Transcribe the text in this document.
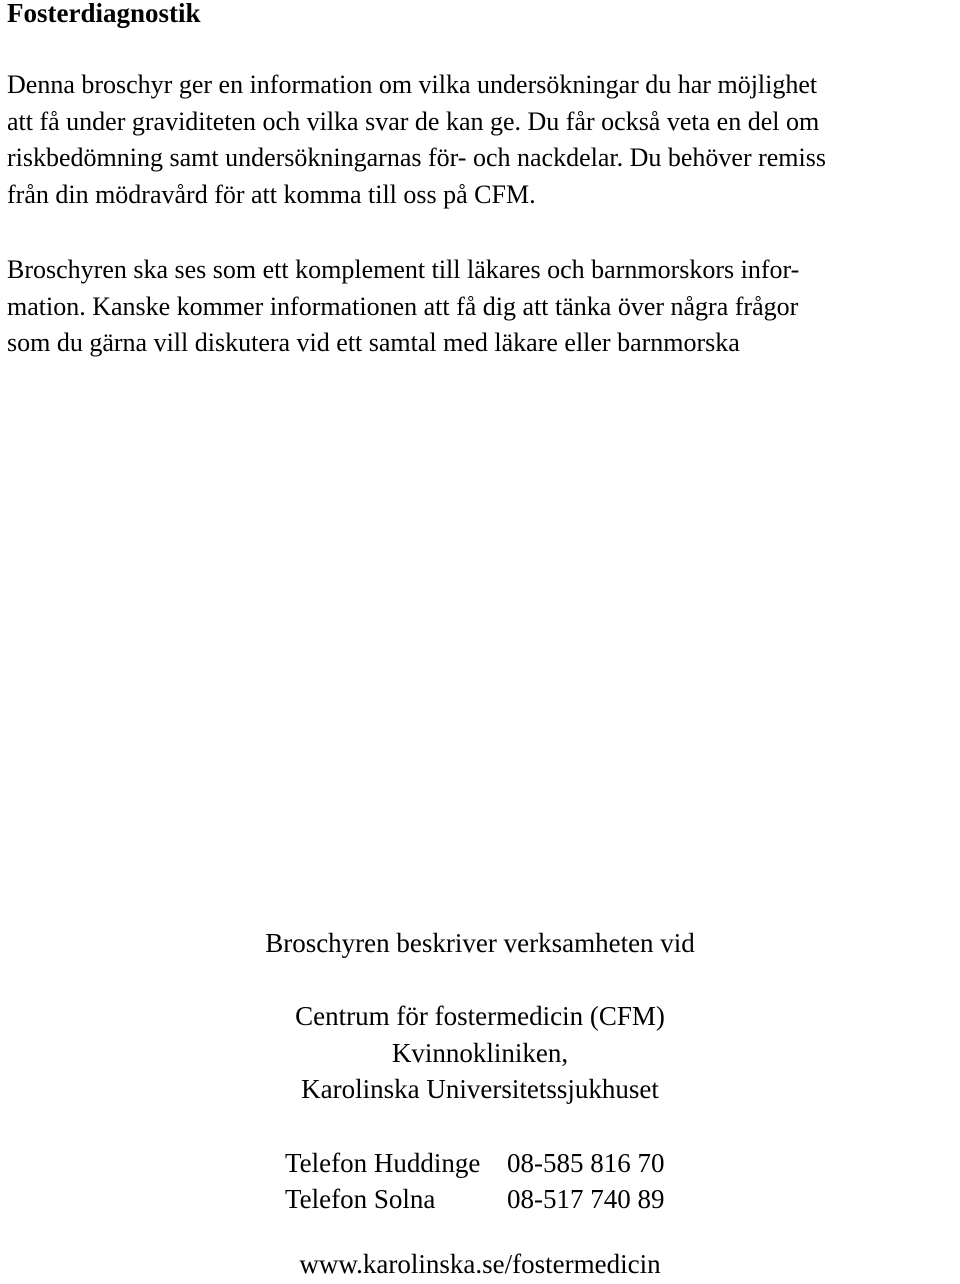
Fosterdiagnostik

Denna broschyr ger en information om vilka undersökningar du har möjlighet
att få under graviditeten och vilka svar de kan ge. Du får också veta en del om
riskbedömning samt undersökningarnas för- och nackdelar. Du behöver remiss
från din mödravård för att komma till oss på CFM.

Broschyren ska ses som ett komplement till läkares och barnmorskors infor-
mation. Kanske kommer informationen att få dig att tänka över några frågor
som du gärna vill diskutera vid ett samtal med läkare eller barnmorska

Broschyren beskriver verksamheten vid
Centrum för fostermedicin (CFM)
Kvinnokliniken,
Karolinska Universitetssjukhuset
Telefon Huddinge 08-585 816 70
Telefon Solna	08-517 740 89
www.karolinska.se/fostermedicin
